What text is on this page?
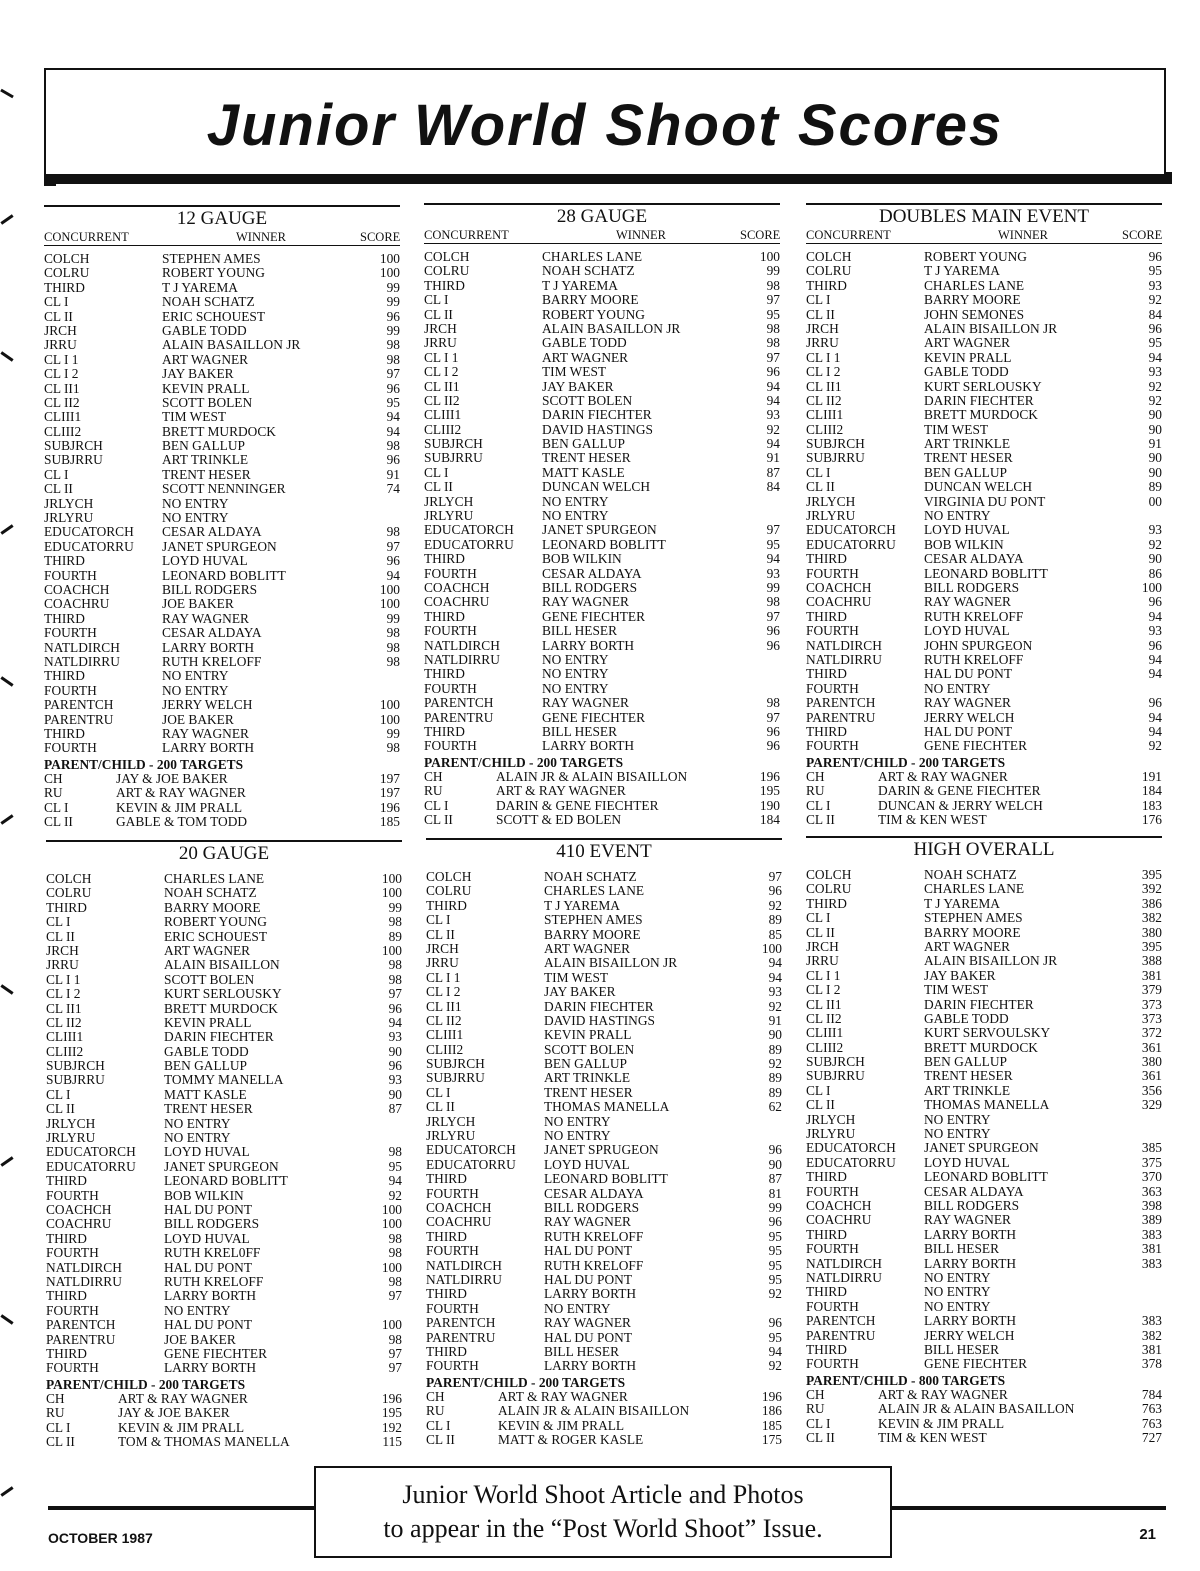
Junior World Shoot Scores
12 GAUGE
CONCURRENT	WINNER	SCORE
COLCH	STEPHEN AMES	100
COLRU	ROBERT YOUNG	100
THIRD	T J YAREMA	99
CL I	NOAH SCHATZ	99
CL II	ERIC SCHOUEST	96
JRCH	GABLE TODD	99
JRRU	ALAIN BASAILLON JR	98
CL I 1	ART WAGNER	98
CL I 2	JAY BAKER	97
CL II1	KEVIN PRALL	96
CL II2	SCOTT BOLEN	95
CLIII1	TIM WEST	94
CLIII2	BRETT MURDOCK	94
SUBJRCH	BEN GALLUP	98
SUBJRRU	ART TRINKLE	96
CL I	TRENT HESER	91
CL II	SCOTT NENNINGER	74
JRLYCH	NO ENTRY
JRLYRU	NO ENTRY
EDUCATORCH	CESAR ALDAYA	98
EDUCATORRU	JANET SPURGEON	97
THIRD	LOYD HUVAL	96
FOURTH	LEONARD BOBLITT	94
COACHCH	BILL RODGERS	100
COACHRU	JOE BAKER	100
THIRD	RAY WAGNER	99
FOURTH	CESAR ALDAYA	98
NATLDIRCH	LARRY BORTH	98
NATLDIRRU	RUTH KRELOFF	98
THIRD	NO ENTRY
FOURTH	NO ENTRY
PARENTCH	JERRY WELCH	100
PARENTRU	JOE BAKER	100
THIRD	RAY WAGNER	99
FOURTH	LARRY BORTH	98
PARENT/CHILD - 200 TARGETS
CH	JAY & JOE BAKER	197
RU	ART & RAY WAGNER	197
CL I	KEVIN & JIM PRALL	196
CL II	GABLE & TOM TODD	185
28 GAUGE
CONCURRENT	WINNER	SCORE
COLCH	CHARLES LANE	100
COLRU	NOAH SCHATZ	99
THIRD	T J YAREMA	98
CL I	BARRY MOORE	97
CL II	ROBERT YOUNG	95
JRCH	ALAIN BASAILLON JR	98
JRRU	GABLE TODD	98
CL I 1	ART WAGNER	97
CL I 2	TIM WEST	96
CL II1	JAY BAKER	94
CL II2	SCOTT BOLEN	94
CLIII1	DARIN FIECHTER	93
CLIII2	DAVID HASTINGS	92
SUBJRCH	BEN GALLUP	94
SUBJRRU	TRENT HESER	91
CL I	MATT KASLE	87
CL II	DUNCAN WELCH	84
JRLYCH	NO ENTRY
JRLYRU	NO ENTRY
EDUCATORCH	JANET SPURGEON	97
EDUCATORRU	LEONARD BOBLITT	95
THIRD	BOB WILKIN	94
FOURTH	CESAR ALDAYA	93
COACHCH	BILL RODGERS	99
COACHRU	RAY WAGNER	98
THIRD	GENE FIECHTER	97
FOURTH	BILL HESER	96
NATLDIRCH	LARRY BORTH	96
NATLDIRRU	NO ENTRY
THIRD	NO ENTRY
FOURTH	NO ENTRY
PARENTCH	RAY WAGNER	98
PARENTRU	GENE FIECHTER	97
THIRD	BILL HESER	96
FOURTH	LARRY BORTH	96
PARENT/CHILD - 200 TARGETS
CH	ALAIN JR & ALAIN BISAILLON	196
RU	ART & RAY WAGNER	195
CL I	DARIN & GENE FIECHTER	190
CL II	SCOTT & ED BOLEN	184
DOUBLES MAIN EVENT
CONCURRENT	WINNER	SCORE
COLCH	ROBERT YOUNG	96
COLRU	T J YAREMA	95
THIRD	CHARLES LANE	93
CL I	BARRY MOORE	92
CL II	JOHN SEMONES	84
JRCH	ALAIN BISAILLON JR	96
JRRU	ART WAGNER	95
CL I 1	KEVIN PRALL	94
CL I 2	GABLE TODD	93
CL II1	KURT SERLOUSKY	92
CL II2	DARIN FIECHTER	92
CLIII1	BRETT MURDOCK	90
CLIII2	TIM WEST	90
SUBJRCH	ART TRINKLE	91
SUBJRRU	TRENT HESER	90
CL I	BEN GALLUP	90
CL II	DUNCAN WELCH	89
JRLYCH	VIRGINIA DU PONT	00
JRLYRU	NO ENTRY
EDUCATORCH	LOYD HUVAL	93
EDUCATORRU	BOB WILKIN	92
THIRD	CESAR ALDAYA	90
FOURTH	LEONARD BOBLITT	86
COACHCH	BILL RODGERS	100
COACHRU	RAY WAGNER	96
THIRD	RUTH KRELOFF	94
FOURTH	LOYD HUVAL	93
NATLDIRCH	JOHN SPURGEON	96
NATLDIRRU	RUTH KRELOFF	94
THIRD	HAL DU PONT	94
FOURTH	NO ENTRY
PARENTCH	RAY WAGNER	96
PARENTRU	JERRY WELCH	94
THIRD	HAL DU PONT	94
FOURTH	GENE FIECHTER	92
PARENT/CHILD - 200 TARGETS
CH	ART & RAY WAGNER	191
RU	DARIN & GENE FIECHTER	184
CL I	DUNCAN & JERRY WELCH	183
CL II	TIM & KEN WEST	176
20 GAUGE
COLCH	CHARLES LANE	100
COLRU	NOAH SCHATZ	100
THIRD	BARRY MOORE	99
CL I	ROBERT YOUNG	98
CL II	ERIC SCHOUEST	89
JRCH	ART WAGNER	100
JRRU	ALAIN BISAILLON	98
CL I 1	SCOTT BOLEN	98
CL I 2	KURT SERLOUSKY	97
CL II1	BRETT MURDOCK	96
CL II2	KEVIN PRALL	94
CLIII1	DARIN FIECHTER	93
CLIII2	GABLE TODD	90
SUBJRCH	BEN GALLUP	96
SUBJRRU	TOMMY MANELLA	93
CL I	MATT KASLE	90
CL II	TRENT HESER	87
JRLYCH	NO ENTRY
JRLYRU	NO ENTRY
EDUCATORCH	LOYD HUVAL	98
EDUCATORRU	JANET SPURGEON	95
THIRD	LEONARD BOBLITT	94
FOURTH	BOB WILKIN	92
COACHCH	HAL DU PONT	100
COACHRU	BILL RODGERS	100
THIRD	LOYD HUVAL	98
FOURTH	RUTH KREL0FF	98
NATLDIRCH	HAL DU PONT	100
NATLDIRRU	RUTH KRELOFF	98
THIRD	LARRY BORTH	97
FOURTH	NO ENTRY
PARENTCH	HAL DU PONT	100
PARENTRU	JOE BAKER	98
THIRD	GENE FIECHTER	97
FOURTH	LARRY BORTH	97
PARENT/CHILD - 200 TARGETS
CH	ART & RAY WAGNER	196
RU	JAY & JOE BAKER	195
CL I	KEVIN & JIM PRALL	192
CL II	TOM & THOMAS MANELLA	115
410 EVENT
COLCH	NOAH SCHATZ	97
COLRU	CHARLES LANE	96
THIRD	T J YAREMA	92
CL I	STEPHEN AMES	89
CL II	BARRY MOORE	85
JRCH	ART WAGNER	100
JRRU	ALAIN BISAILLON JR	94
CL I 1	TIM WEST	94
CL I 2	JAY BAKER	93
CL II1	DARIN FIECHTER	92
CL II2	DAVID HASTINGS	91
CLIII1	KEVIN PRALL	90
CLIII2	SCOTT BOLEN	89
SUBJRCH	BEN GALLUP	92
SUBJRRU	ART TRINKLE	89
CL I	TRENT HESER	89
CL II	THOMAS MANELLA	62
JRLYCH	NO ENTRY
JRLYRU	NO ENTRY
EDUCATORCH	JANET SPRUGEON	96
EDUCATORRU	LOYD HUVAL	90
THIRD	LEONARD BOBLITT	87
FOURTH	CESAR ALDAYA	81
COACHCH	BILL RODGERS	99
COACHRU	RAY WAGNER	96
THIRD	RUTH KRELOFF	95
FOURTH	HAL DU PONT	95
NATLDIRCH	RUTH KRELOFF	95
NATLDIRRU	HAL DU PONT	95
THIRD	LARRY BORTH	92
FOURTH	NO ENTRY
PARENTCH	RAY WAGNER	96
PARENTRU	HAL DU PONT	95
THIRD	BILL HESER	94
FOURTH	LARRY BORTH	92
PARENT/CHILD - 200 TARGETS
CH	ART & RAY WAGNER	196
RU	ALAIN JR & ALAIN BISAILLON	186
CL I	KEVIN & JIM PRALL	185
CL II	MATT & ROGER KASLE	175
HIGH OVERALL
COLCH	NOAH SCHATZ	395
COLRU	CHARLES LANE	392
THIRD	T J YAREMA	386
CL I	STEPHEN AMES	382
CL II	BARRY MOORE	380
JRCH	ART WAGNER	395
JRRU	ALAIN BISAILLON JR	388
CL I 1	JAY BAKER	381
CL I 2	TIM WEST	379
CL II1	DARIN FIECHTER	373
CL II2	GABLE TODD	373
CLIII1	KURT SERVOULSKY	372
CLIII2	BRETT MURDOCK	361
SUBJRCH	BEN GALLUP	380
SUBJRRU	TRENT HESER	361
CL I	ART TRINKLE	356
CL II	THOMAS MANELLA	329
JRLYCH	NO ENTRY
JRLYRU	NO ENTRY
EDUCATORCH	JANET SPURGEON	385
EDUCATORRU	LOYD HUVAL	375
THIRD	LEONARD BOBLITT	370
FOURTH	CESAR ALDAYA	363
COACHCH	BILL RODGERS	398
COACHRU	RAY WAGNER	389
THIRD	LARRY BORTH	383
FOURTH	BILL HESER	381
NATLDIRCH	LARRY BORTH	383
NATLDIRRU	NO ENTRY
THIRD	NO ENTRY
FOURTH	NO ENTRY
PARENTCH	LARRY BORTH	383
PARENTRU	JERRY WELCH	382
THIRD	BILL HESER	381
FOURTH	GENE FIECHTER	378
PARENT/CHILD - 800 TARGETS
CH	ART & RAY WAGNER	784
RU	ALAIN JR & ALAIN BASAILLON	763
CL I	KEVIN & JIM PRALL	763
CL II	TIM & KEN WEST	727
Junior World Shoot Article and Photos
to appear in the “Post World Shoot” Issue.
OCTOBER 1987	21
